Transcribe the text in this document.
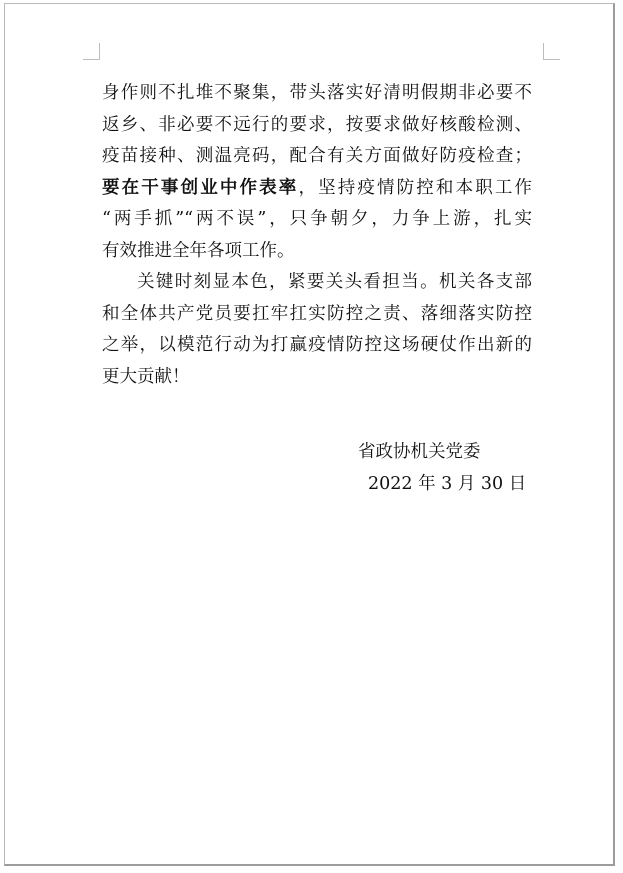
身作则不扎堆不聚集，带头落实好清明假期非必要不
返乡、非必要不远行的要求，按要求做好核酸检测、
疫苗接种、测温亮码，配合有关方面做好防疫检查；
要在干事创业中作表率，坚持疫情防控和本职工作
“两手抓”“两不误”，只争朝夕，力争上游，扎实
有效推进全年各项工作。
关键时刻显本色，紧要关头看担当。机关各支部
和全体共产党员要扛牢扛实防控之责、落细落实防控
之举，以模范行动为打赢疫情防控这场硬仗作出新的
更大贡献！
省政协机关党委
2022 年 3 月 30 日
